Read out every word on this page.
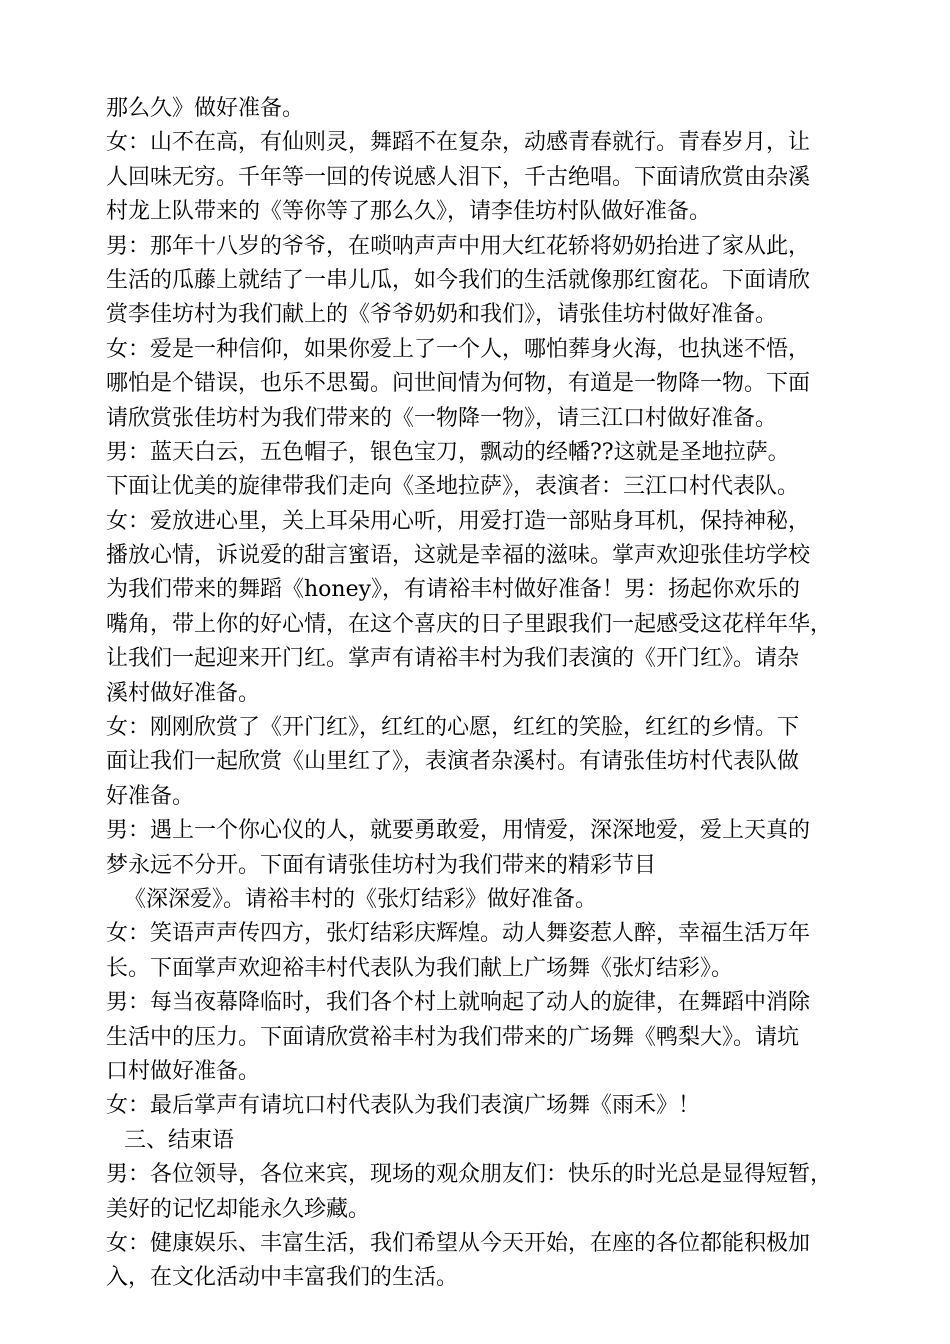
那么久》做好准备。
女：山不在高，有仙则灵，舞蹈不在复杂，动感青春就行。青春岁月，让
人回味无穷。千年等一回的传说感人泪下，千古绝唱。下面请欣赏由杂溪
村龙上队带来的《等你等了那么久》，请李佳坊村队做好准备。
男：那年十八岁的爷爷，在唢呐声声中用大红花轿将奶奶抬进了家从此，
生活的瓜藤上就结了一串儿瓜，如今我们的生活就像那红窗花。下面请欣
赏李佳坊村为我们献上的《爷爷奶奶和我们》，请张佳坊村做好准备。
女：爱是一种信仰，如果你爱上了一个人，哪怕葬身火海，也执迷不悟，
哪怕是个错误，也乐不思蜀。问世间情为何物，有道是一物降一物。下面
请欣赏张佳坊村为我们带来的《一物降一物》，请三江口村做好准备。
男：蓝天白云，五色帽子，银色宝刀，飘动的经幡??这就是圣地拉萨。
下面让优美的旋律带我们走向《圣地拉萨》，表演者：三江口村代表队。
女：爱放进心里，关上耳朵用心听，用爱打造一部贴身耳机，保持神秘，
播放心情，诉说爱的甜言蜜语，这就是幸福的滋味。掌声欢迎张佳坊学校
为我们带来的舞蹈《honey》，有请裕丰村做好准备！男：扬起你欢乐的
嘴角，带上你的好心情，在这个喜庆的日子里跟我们一起感受这花样年华，
让我们一起迎来开门红。掌声有请裕丰村为我们表演的《开门红》。请杂
溪村做好准备。
女：刚刚欣赏了《开门红》，红红的心愿，红红的笑脸，红红的乡情。下
面让我们一起欣赏《山里红了》，表演者杂溪村。有请张佳坊村代表队做
好准备。
男：遇上一个你心仪的人，就要勇敢爱，用情爱，深深地爱，爱上天真的
梦永远不分开。下面有请张佳坊村为我们带来的精彩节目
《深深爱》。请裕丰村的《张灯结彩》做好准备。
女：笑语声声传四方，张灯结彩庆辉煌。动人舞姿惹人醉，幸福生活万年
长。下面掌声欢迎裕丰村代表队为我们献上广场舞《张灯结彩》。
男：每当夜幕降临时，我们各个村上就响起了动人的旋律，在舞蹈中消除
生活中的压力。下面请欣赏裕丰村为我们带来的广场舞《鸭梨大》。请坑
口村做好准备。
女：最后掌声有请坑口村代表队为我们表演广场舞《雨禾》！
三、结束语
男：各位领导，各位来宾，现场的观众朋友们：快乐的时光总是显得短暂，
美好的记忆却能永久珍藏。
女：健康娱乐、丰富生活，我们希望从今天开始，在座的各位都能积极加
入，在文化活动中丰富我们的生活。
